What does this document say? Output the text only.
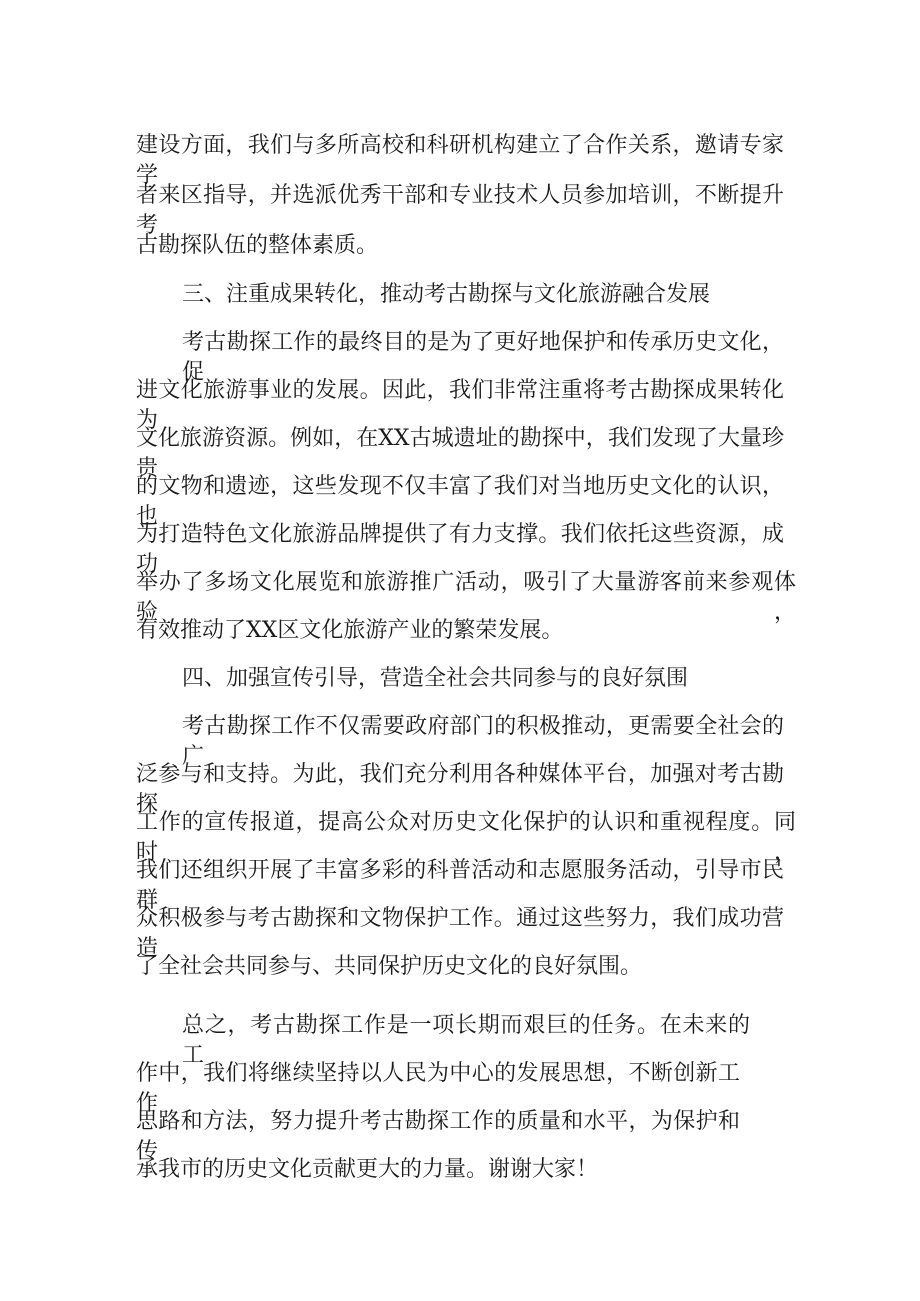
建设方面，我们与多所高校和科研机构建立了合作关系，邀请专家学
者来区指导，并选派优秀干部和专业技术人员参加培训，不断提升考
古勘探队伍的整体素质。
三、注重成果转化，推动考古勘探与文化旅游融合发展
考古勘探工作的最终目的是为了更好地保护和传承历史文化，促
进文化旅游事业的发展。因此，我们非常注重将考古勘探成果转化为
文化旅游资源。例如，在XX古城遗址的勘探中，我们发现了大量珍贵
的文物和遗迹，这些发现不仅丰富了我们对当地历史文化的认识，也
为打造特色文化旅游品牌提供了有力支撑。我们依托这些资源，成功
举办了多场文化展览和旅游推广活动，吸引了大量游客前来参观体验，
有效推动了XX区文化旅游产业的繁荣发展。
四、加强宣传引导，营造全社会共同参与的良好氛围
考古勘探工作不仅需要政府部门的积极推动，更需要全社会的广
泛参与和支持。为此，我们充分利用各种媒体平台，加强对考古勘探
工作的宣传报道，提高公众对历史文化保护的认识和重视程度。同时，
我们还组织开展了丰富多彩的科普活动和志愿服务活动，引导市民群
众积极参与考古勘探和文物保护工作。通过这些努力，我们成功营造
了全社会共同参与、共同保护历史文化的良好氛围。
总之，考古勘探工作是一项长期而艰巨的任务。在未来的工
作中，我们将继续坚持以人民为中心的发展思想，不断创新工作
思路和方法，努力提升考古勘探工作的质量和水平，为保护和传
承我市的历史文化贡献更大的力量。谢谢大家！
